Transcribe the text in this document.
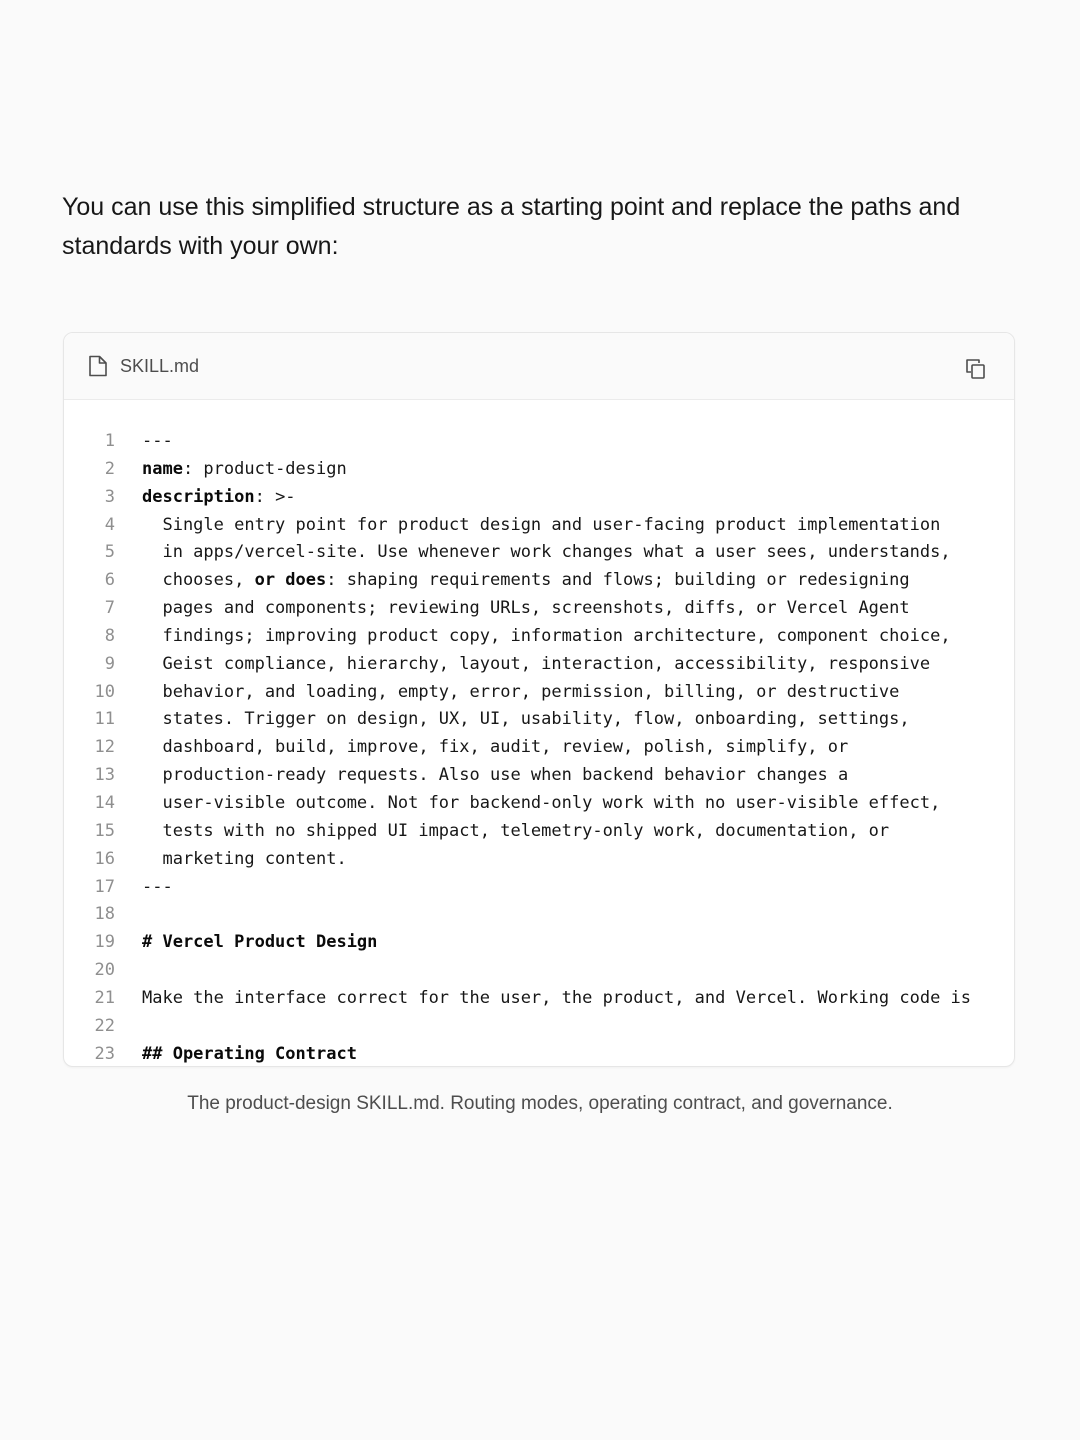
You can use this simplified structure as a starting point and replace the paths and standards with your own:

SKILL.md
1 ---
2 name: product-design
3 description: >-
4 Single entry point for product design and user-facing product implementation
5 in apps/vercel-site. Use whenever work changes what a user sees, understands,
6 chooses, or does: shaping requirements and flows; building or redesigning
7 pages and components; reviewing URLs, screenshots, diffs, or Vercel Agent
8 findings; improving product copy, information architecture, component choice,
9 Geist compliance, hierarchy, layout, interaction, accessibility, responsive
10 behavior, and loading, empty, error, permission, billing, or destructive
11 states. Trigger on design, UX, UI, usability, flow, onboarding, settings,
12 dashboard, build, improve, fix, audit, review, polish, simplify, or
13 production-ready requests. Also use when backend behavior changes a
14 user-visible outcome. Not for backend-only work with no user-visible effect,
15 tests with no shipped UI impact, telemetry-only work, documentation, or
16 marketing content.
17 ---
18
19 # Vercel Product Design
20
21 Make the interface correct for the user, the product, and Vercel. Working code is
22
23 ## Operating Contract
The product-design SKILL.md. Routing modes, operating contract, and governance.
